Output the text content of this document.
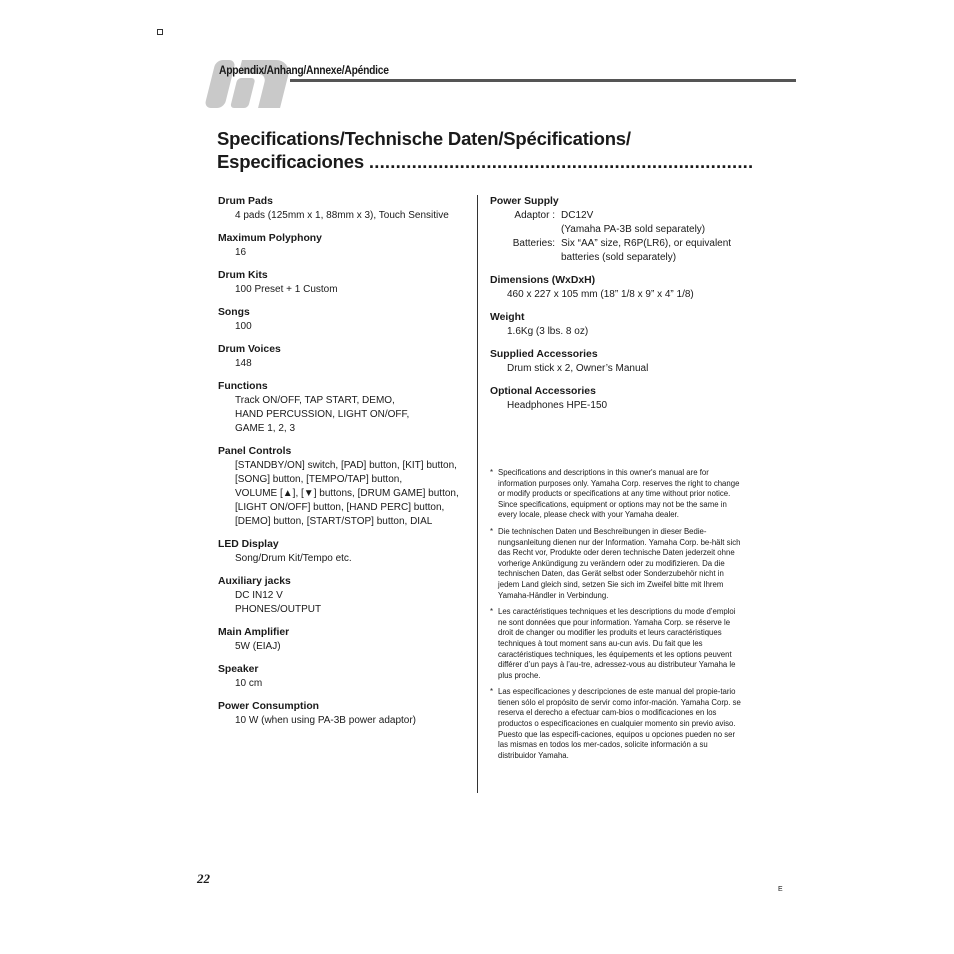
Appendix/Anhang/Annexe/Apéndice
Specifications/Technische Daten/Spécifications/
Especificaciones ........................................................................
Drum Pads
4 pads (125mm x 1, 88mm x 3), Touch Sensitive
Maximum Polyphony
16
Drum Kits
100 Preset + 1 Custom
Songs
100
Drum Voices
148
Functions
Track ON/OFF, TAP START, DEMO,
HAND PERCUSSION, LIGHT ON/OFF,
GAME 1, 2, 3
Panel Controls
[STANDBY/ON] switch, [PAD] button, [KIT] button,
[SONG] button, [TEMPO/TAP] button,
VOLUME [▲], [▼] buttons, [DRUM GAME] button,
[LIGHT ON/OFF] button, [HAND PERC] button,
[DEMO] button, [START/STOP] button, DIAL
LED Display
Song/Drum Kit/Tempo etc.
Auxiliary jacks
DC IN12 V
PHONES/OUTPUT
Main Amplifier
5W (EIAJ)
Speaker
10 cm
Power Consumption
10 W (when using PA-3B power adaptor)
Power Supply
Adaptor : DC12V
(Yamaha PA-3B sold separately)
Batteries: Six “AA” size, R6P(LR6), or equivalent
batteries (sold separately)
Dimensions (WxDxH)
460 x 227 x 105 mm (18” 1/8 x 9” x 4” 1/8)
Weight
1.6Kg (3 lbs. 8 oz)
Supplied Accessories
Drum stick x 2, Owner’s Manual
Optional Accessories
Headphones HPE-150
* Specifications and descriptions in this owner's manual are for information purposes only. Yamaha Corp. reserves the right to change or modify products or specifications at any time without prior notice. Since specifications, equipment or options may not be the same in every locale, please check with your Yamaha dealer.
* Die technischen Daten und Beschreibungen in dieser Bedie-nungsanleitung dienen nur der Information. Yamaha Corp. be-hält sich das Recht vor, Produkte oder deren technische Daten jederzeit ohne vorherige Ankündigung zu verändern oder zu modifizieren. Da die technischen Daten, das Gerät selbst oder Sonderzubehör nicht in jedem Land gleich sind, setzen Sie sich im Zweifel bitte mit Ihrem Yamaha-Händler in Verbindung.
* Les caractéristiques techniques et les descriptions du mode d’emploi ne sont données que pour information. Yamaha Corp. se réserve le droit de changer ou modifier les produits et leurs caractéristiques techniques à tout moment sans au-cun avis. Du fait que les caractéristiques techniques, les équipements et les options peuvent différer d’un pays à l’au-tre, adressez-vous au distributeur Yamaha le plus proche.
* Las especificaciones y descripciones de este manual del propie-tario tienen sólo el propósito de servir como infor-mación. Yamaha Corp. se reserva el derecho a efectuar cam-bios o modificaciones en los productos o especificaciones en cualquier momento sin previo aviso. Puesto que las especifi-caciones, equipos u opciones pueden no ser las mismas en todos los mer-cados, solicite información a su distribuidor Yamaha.
22
E
